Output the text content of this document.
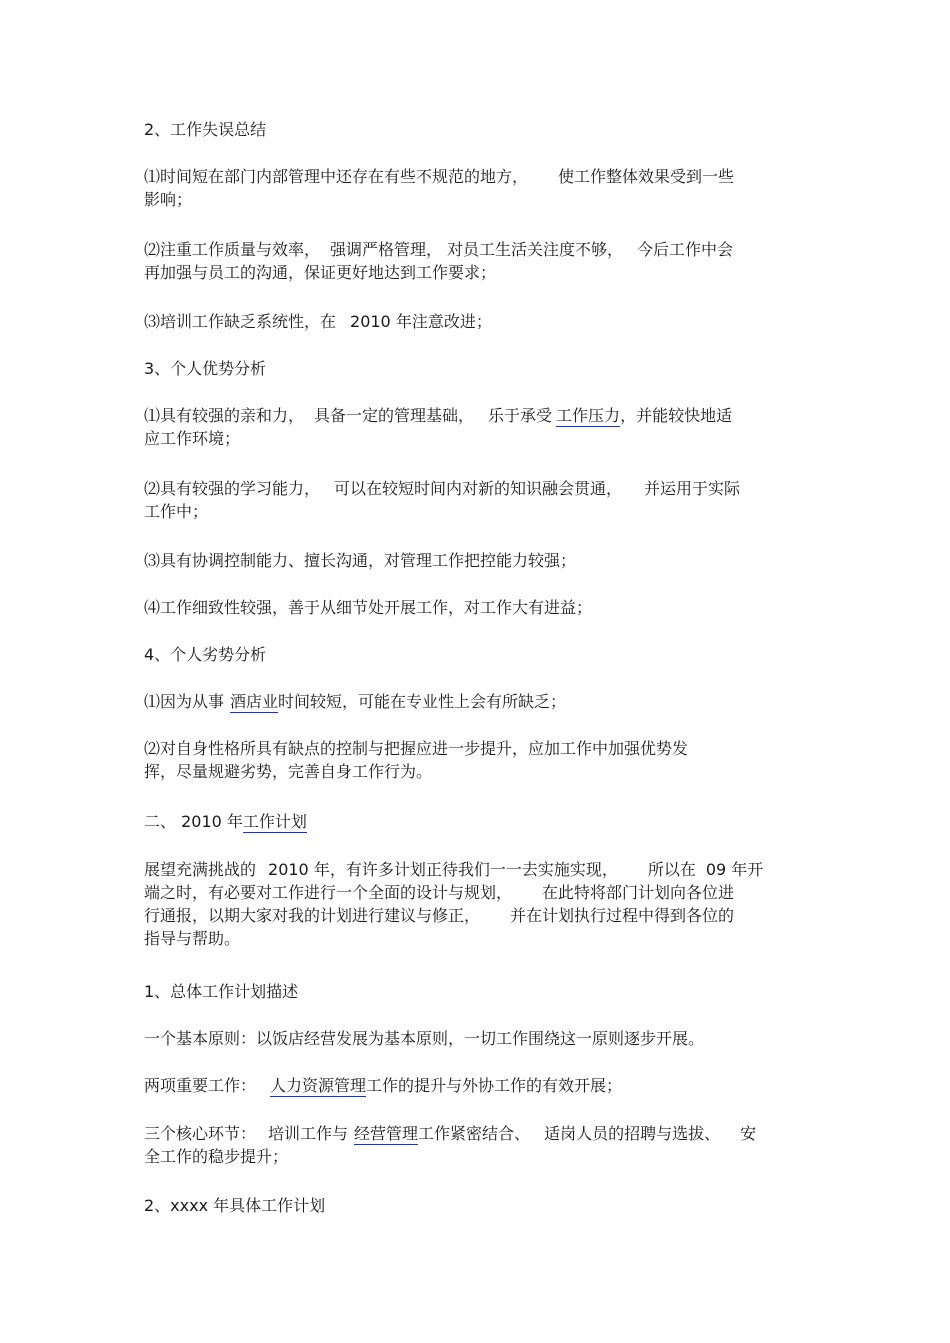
2、工作失误总结
⑴时间短在部门内部管理中还存在有些不规范的地方， 使工作整体效果受到一些
影响；
⑵注重工作质量与效率， 强调严格管理， 对员工生活关注度不够， 今后工作中会
再加强与员工的沟通，保证更好地达到工作要求；
⑶培训工作缺乏系统性，在 2010 年注意改进；
3、个人优势分析
⑴具有较强的亲和力， 具备一定的管理基础， 乐于承受 工作压力，并能较快地适
应工作环境；
⑵具有较强的学习能力， 可以在较短时间内对新的知识融会贯通， 并运用于实际
工作中；
⑶具有协调控制能力、擅长沟通，对管理工作把控能力较强；
⑷工作细致性较强，善于从细节处开展工作，对工作大有进益；
4、个人劣势分析
⑴因为从事 酒店业时间较短，可能在专业性上会有所缺乏；
⑵对自身性格所具有缺点的控制与把握应进一步提升，应加工作中加强优势发
挥，尽量规避劣势，完善自身工作行为。
二、 2010 年工作计划
展望充满挑战的 2010 年，有许多计划正待我们一一去实施实现， 所以在 09 年开
端之时，有必要对工作进行一个全面的设计与规划， 在此特将部门计划向各位进
行通报，以期大家对我的计划进行建议与修正， 并在计划执行过程中得到各位的
指导与帮助。
1、总体工作计划描述
一个基本原则：以饭店经营发展为基本原则，一切工作围绕这一原则逐步开展。
两项重要工作： 人力资源管理工作的提升与外协工作的有效开展；
三个核心环节： 培训工作与 经营管理工作紧密结合、 适岗人员的招聘与选拔、 安
全工作的稳步提升；
2、xxxx 年具体工作计划
